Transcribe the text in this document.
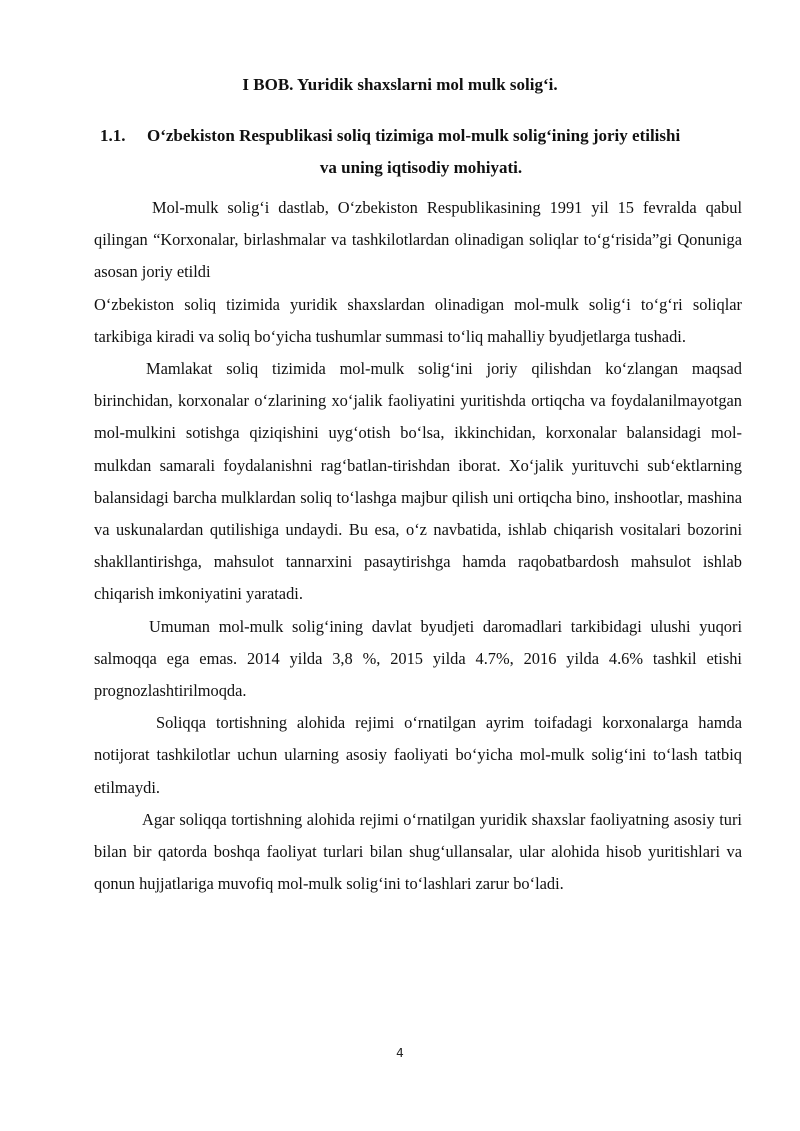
I BOB. Yuridik shaxslarni mol mulk solig‘i.
1.1. O‘zbekiston Respublikasi soliq tizimiga mol-mulk solig‘ining joriy etilishi
va uning iqtisodiy mohiyati.

Mol-mulk solig‘i dastlab, O‘zbekiston Respublikasining 1991 yil 15 fevralda qabul qilingan “Korxonalar, birlashmalar va tashkilotlardan olinadigan soliqlar to‘g‘risida”gi Qonuniga asosan joriy etildi

O‘zbekiston soliq tizimida yuridik shaxslardan olinadigan mol-mulk solig‘i to‘g‘ri soliqlar tarkibiga kiradi va soliq bo‘yicha tushumlar summasi to‘liq mahalliy byudjetlarga tushadi.

Mamlakat soliq tizimida mol-mulk solig‘ini joriy qilishdan ko‘zlangan maqsad birinchidan, korxonalar o‘zlarining xo‘jalik faoliyatini yuritishda ortiqcha va foydalanilmayotgan mol-mulkini sotishga qiziqishini uyg‘otish bo‘lsa, ikkinchidan, korxonalar balansidagi mol-mulkdan samarali foydalanishni rag‘batlan-tirishdan iborat. Xo‘jalik yurituvchi sub‘ektlarning balansidagi barcha mulklardan soliq to‘lashga majbur qilish uni ortiqcha bino, inshootlar, mashina va uskunalardan qutilishiga undaydi. Bu esa, o‘z navbatida, ishlab chiqarish vositalari bozorini shakllantirishga, mahsulot tannarxini pasaytirishga hamda raqobatbardosh mahsulot ishlab chiqarish imkoniyatini yaratadi.

Umuman mol-mulk solig‘ining davlat byudjeti daromadlari tarkibidagi ulushi yuqori salmoqqa ega emas. 2014 yilda 3,8 %, 2015 yilda 4.7%, 2016 yilda 4.6% tashkil etishi prognozlashtirilmoqda.

Soliqqa tortishning alohida rejimi o‘rnatilgan ayrim toifadagi korxonalarga hamda notijorat tashkilotlar uchun ularning asosiy faoliyati bo‘yicha mol-mulk solig‘ini to‘lash tatbiq etilmaydi.

Agar soliqqa tortishning alohida rejimi o‘rnatilgan yuridik shaxslar faoliyatning asosiy turi bilan bir qatorda boshqa faoliyat turlari bilan shug‘ullansalar, ular alohida hisob yuritishlari va qonun hujjatlariga muvofiq mol-mulk solig‘ini to‘lashlari zarur bo‘ladi.

4
